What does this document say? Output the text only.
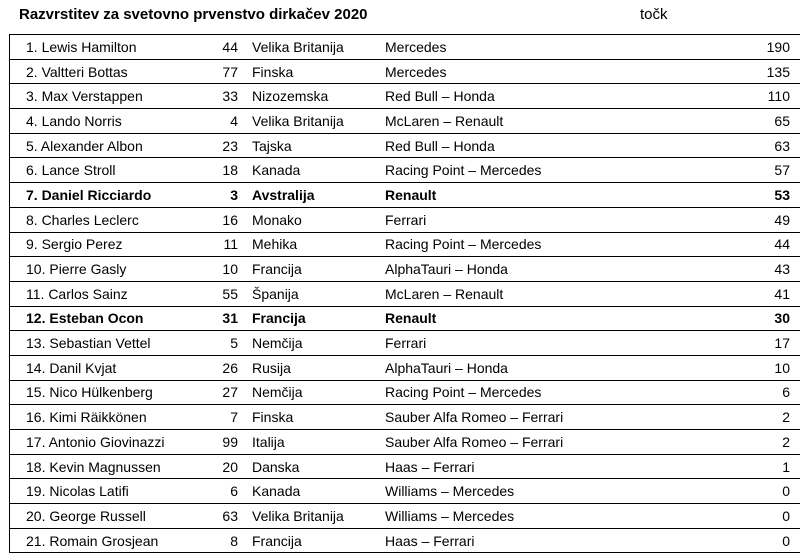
Razvrstitev za svetovno prvenstvo dirkačev 2020	točk
1. Lewis Hamilton	44	Velika Britanija	Mercedes	190
2. Valtteri Bottas	77	Finska	Mercedes	135
3. Max Verstappen	33	Nizozemska	Red Bull – Honda	110
4. Lando Norris	4	Velika Britanija	McLaren – Renault	65
5. Alexander Albon	23	Tajska	Red Bull – Honda	63
6. Lance Stroll	18	Kanada	Racing Point – Mercedes	57
7. Daniel Ricciardo	3	Avstralija	Renault	53
8. Charles Leclerc	16	Monako	Ferrari	49
9. Sergio Perez	11	Mehika	Racing Point – Mercedes	44
10. Pierre Gasly	10	Francija	AlphaTauri – Honda	43
11. Carlos Sainz	55	Španija	McLaren – Renault	41
12. Esteban Ocon	31	Francija	Renault	30
13. Sebastian Vettel	5	Nemčija	Ferrari	17
14. Danil Kvjat	26	Rusija	AlphaTauri – Honda	10
15. Nico Hülkenberg	27	Nemčija	Racing Point – Mercedes	6
16. Kimi Räikkönen	7	Finska	Sauber Alfa Romeo – Ferrari	2
17. Antonio Giovinazzi	99	Italija	Sauber Alfa Romeo – Ferrari	2
18. Kevin Magnussen	20	Danska	Haas – Ferrari	1
19. Nicolas Latifi	6	Kanada	Williams – Mercedes	0
20. George Russell	63	Velika Britanija	Williams – Mercedes	0
21. Romain Grosjean	8	Francija	Haas – Ferrari	0
